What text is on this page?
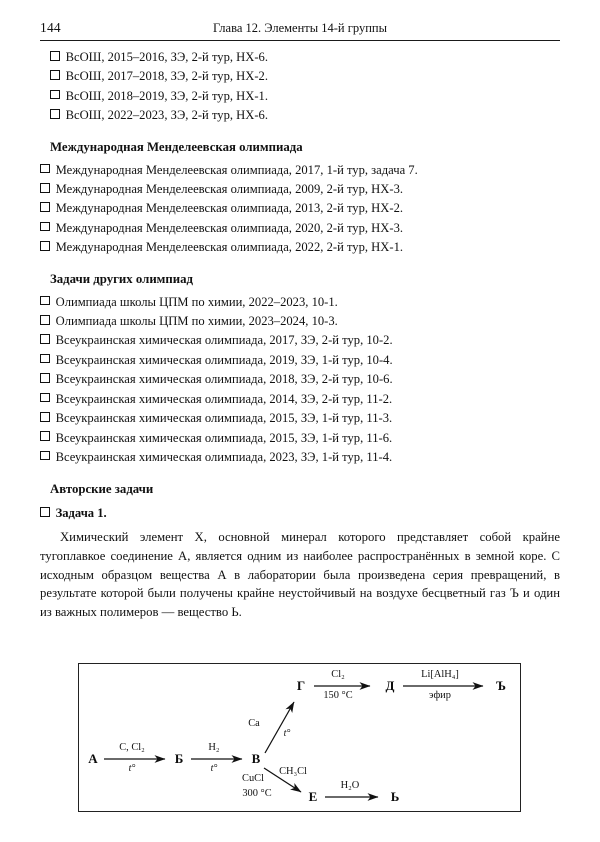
144	Глава 12. Элементы 14-й группы
ВсОШ, 2015–2016, ЗЭ, 2-й тур, НХ-6.
ВсОШ, 2017–2018, ЗЭ, 2-й тур, НХ-2.
ВсОШ, 2018–2019, ЗЭ, 2-й тур, НХ-1.
ВсОШ, 2022–2023, ЗЭ, 2-й тур, НХ-6.
Международная Менделеевская олимпиада
Международная Менделеевская олимпиада, 2017, 1-й тур, задача 7.
Международная Менделеевская олимпиада, 2009, 2-й тур, НХ-3.
Международная Менделеевская олимпиада, 2013, 2-й тур, НХ-2.
Международная Менделеевская олимпиада, 2020, 2-й тур, НХ-3.
Международная Менделеевская олимпиада, 2022, 2-й тур, НХ-1.
Задачи других олимпиад
Олимпиада школы ЦПМ по химии, 2022–2023, 10-1.
Олимпиада школы ЦПМ по химии, 2023–2024, 10-3.
Всеукраинская химическая олимпиада, 2017, ЗЭ, 2-й тур, 10-2.
Всеукраинская химическая олимпиада, 2019, ЗЭ, 1-й тур, 10-4.
Всеукраинская химическая олимпиада, 2018, ЗЭ, 2-й тур, 10-6.
Всеукраинская химическая олимпиада, 2014, ЗЭ, 2-й тур, 11-2.
Всеукраинская химическая олимпиада, 2015, ЗЭ, 1-й тур, 11-3.
Всеукраинская химическая олимпиада, 2015, ЗЭ, 1-й тур, 11-6.
Всеукраинская химическая олимпиада, 2023, ЗЭ, 1-й тур, 11-4.
Авторские задачи
Задача 1.

Химический элемент Х, основной минерал которого представляет собой крайне тугоплавкое соединение А, является одним из наиболее распространённых в земной коре. С исходным образцом вещества А в лаборатории была произведена серия превращений, в результате которой были получены крайне неустойчивый на воздухе бесцветный газ Ъ и один из важных полимеров — вещество Ь.

Г
Cl₂
150 °C
Д
Li[AlH₄]
эфир
Ъ
А
C, Cl₂
t°
Б
H₂
t°
В
Ca
t°
CH₃Cl
CuCl
300 °C	Е
H₂O
Ь
